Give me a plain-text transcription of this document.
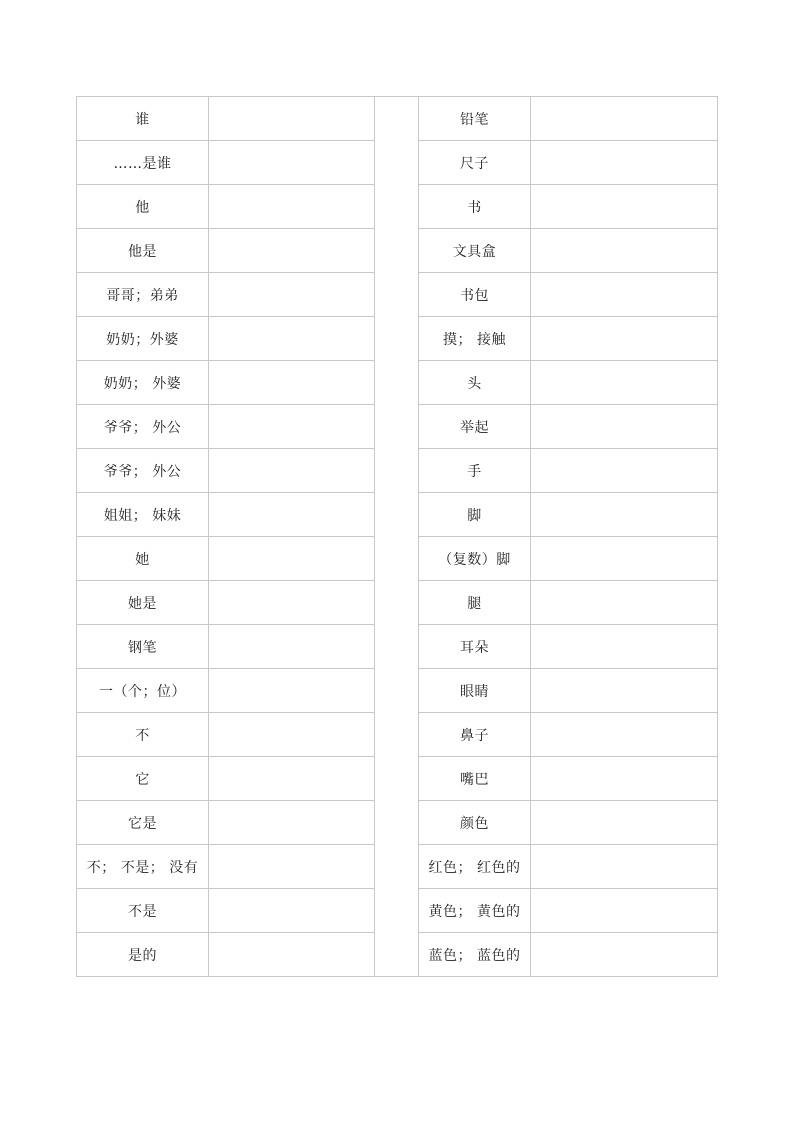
谁			铅笔	
……是谁			尺子	
他			书	
他是			文具盒	
哥哥；弟弟			书包	
奶奶；外婆			摸； 接触	
奶奶； 外婆			头	
爷爷； 外公			举起	
爷爷； 外公			手	
姐姐； 妹妹			脚	
她			（复数）脚	
她是			腿	
钢笔			耳朵	
一（个；位）			眼睛	
不			鼻子	
它			嘴巴	
它是			颜色	
不； 不是； 没有			红色； 红色的	
不是			黄色； 黄色的	
是的			蓝色； 蓝色的	
